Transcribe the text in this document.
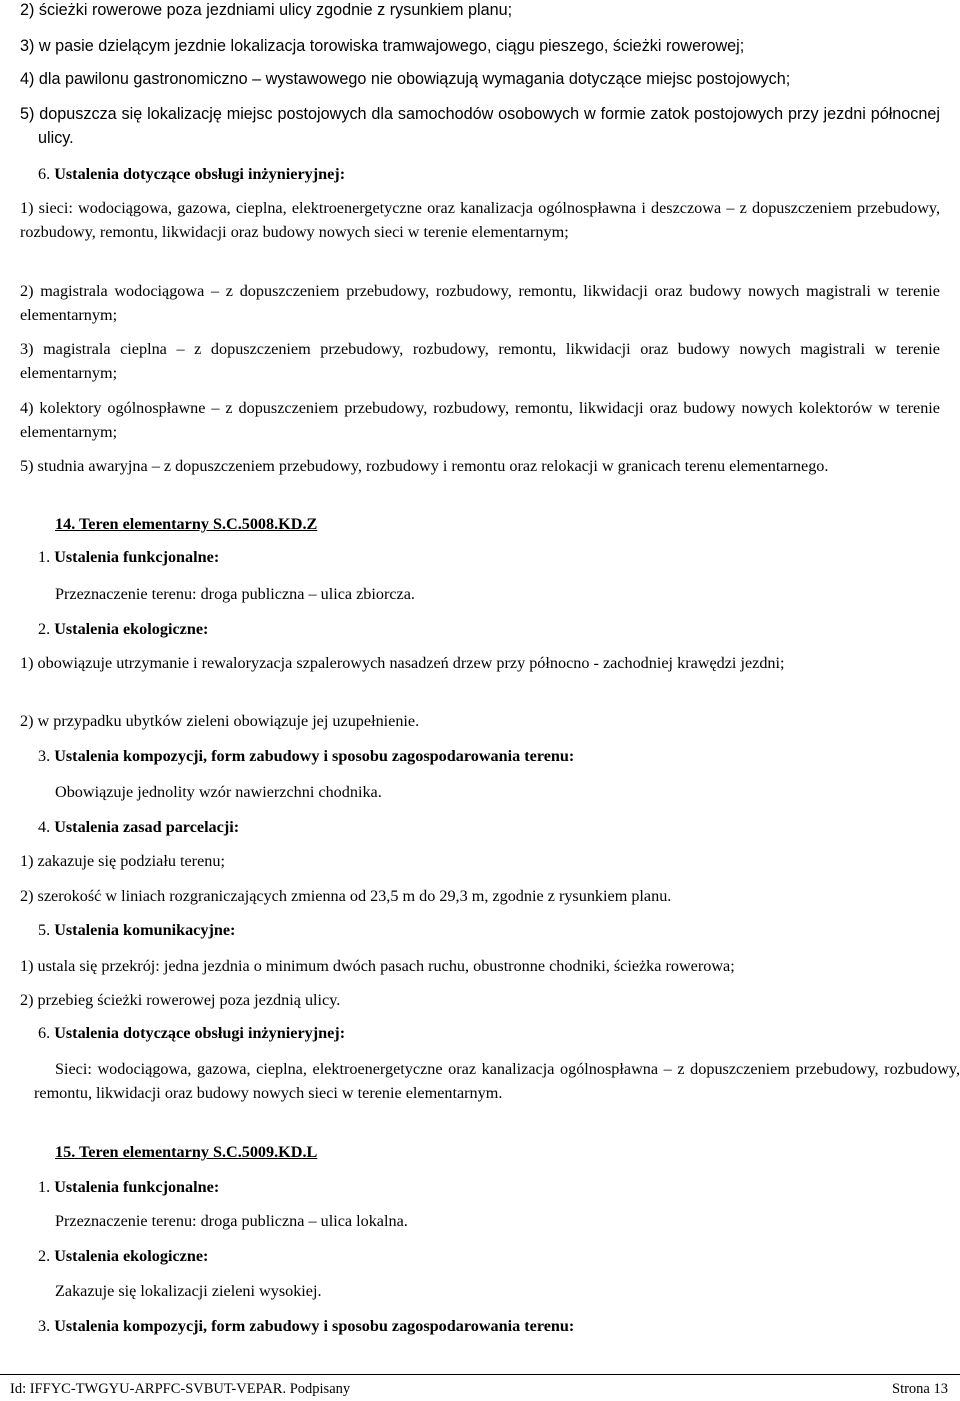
2) ścieżki rowerowe poza jezdniami ulicy zgodnie z rysunkiem planu;

3) w pasie dzielącym jezdnie lokalizacja torowiska tramwajowego, ciągu pieszego, ścieżki rowerowej;

4) dla pawilonu gastronomiczno – wystawowego nie obowiązują wymagania dotyczące miejsc postojowych;

5) dopuszcza się lokalizację miejsc postojowych dla samochodów osobowych w formie zatok postojowych przy jezdni północnej ulicy.

6. Ustalenia dotyczące obsługi inżynieryjnej:

1) sieci: wodociągowa, gazowa, cieplna, elektroenergetyczne oraz kanalizacja ogólnospławna i deszczowa – z dopuszczeniem przebudowy, rozbudowy, remontu, likwidacji oraz budowy nowych sieci w terenie elementarnym;

2) magistrala wodociągowa – z dopuszczeniem przebudowy, rozbudowy, remontu, likwidacji oraz budowy nowych magistrali w terenie elementarnym;

3) magistrala cieplna – z dopuszczeniem przebudowy, rozbudowy, remontu, likwidacji oraz budowy nowych magistrali w terenie elementarnym;

4) kolektory ogólnospławne – z dopuszczeniem przebudowy, rozbudowy, remontu, likwidacji oraz budowy nowych kolektorów w terenie elementarnym;

5) studnia awaryjna – z dopuszczeniem przebudowy, rozbudowy i remontu oraz relokacji w granicach terenu elementarnego.

14. Teren elementarny S.C.5008.KD.Z

1. Ustalenia funkcjonalne:

Przeznaczenie terenu: droga publiczna – ulica zbiorcza.

2. Ustalenia ekologiczne:

1) obowiązuje utrzymanie i rewaloryzacja szpalerowych nasadzeń drzew przy północno - zachodniej krawędzi jezdni;

2) w przypadku ubytków zieleni obowiązuje jej uzupełnienie.

3. Ustalenia kompozycji, form zabudowy i sposobu zagospodarowania terenu:

Obowiązuje jednolity wzór nawierzchni chodnika.

4. Ustalenia zasad parcelacji:

1) zakazuje się podziału terenu;

2) szerokość w liniach rozgraniczających zmienna od 23,5 m do 29,3 m, zgodnie z rysunkiem planu.

5. Ustalenia komunikacyjne:

1) ustala się przekrój: jedna jezdnia o minimum dwóch pasach ruchu, obustronne chodniki, ścieżka rowerowa;

2) przebieg ścieżki rowerowej poza jezdnią ulicy.

6. Ustalenia dotyczące obsługi inżynieryjnej:

Sieci: wodociągowa, gazowa, cieplna, elektroenergetyczne oraz kanalizacja ogólnospławna – z dopuszczeniem przebudowy, rozbudowy, remontu, likwidacji oraz budowy nowych sieci w terenie elementarnym.

15. Teren elementarny S.C.5009.KD.L

1. Ustalenia funkcjonalne:

Przeznaczenie terenu: droga publiczna – ulica lokalna.

2. Ustalenia ekologiczne:

Zakazuje się lokalizacji zieleni wysokiej.

3. Ustalenia kompozycji, form zabudowy i sposobu zagospodarowania terenu:

Id: IFFYC-TWGYU-ARPFC-SVBUT-VEPAR. Podpisany	Strona 13
